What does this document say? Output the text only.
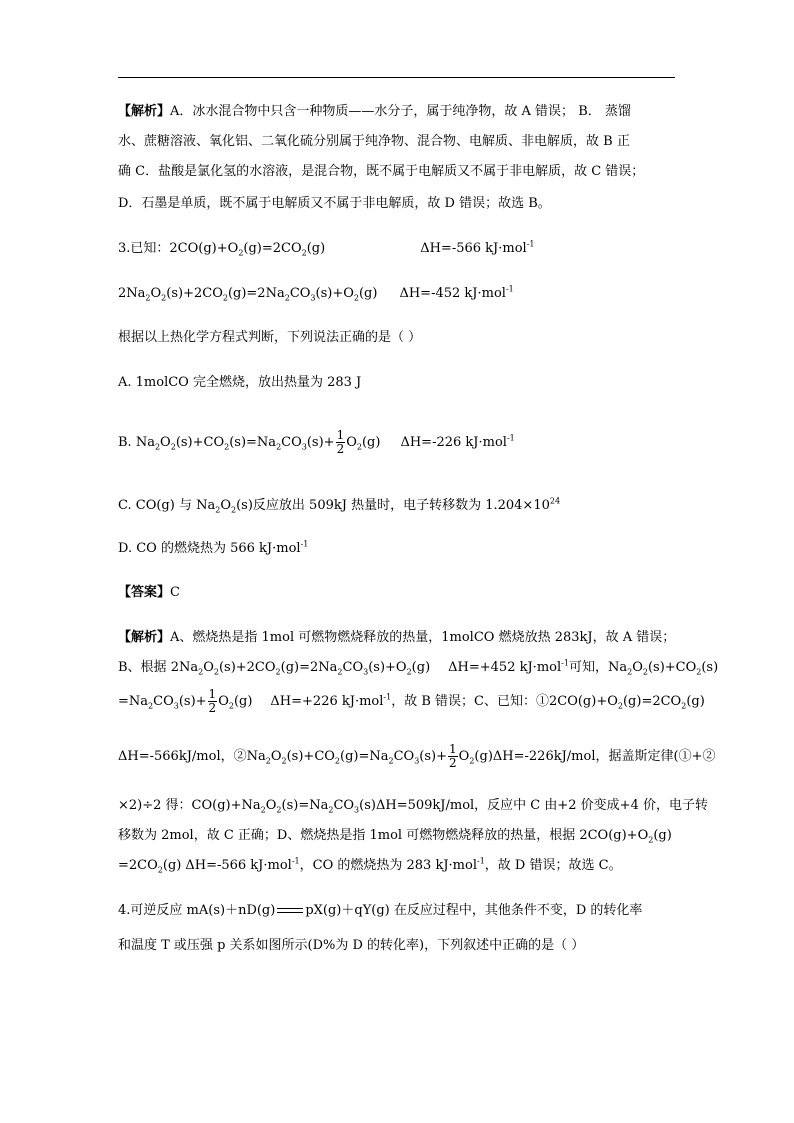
【解析】A．冰水混合物中只含一种物质——水分子，属于纯净物，故 A 错误； B． 蒸馏
水、蔗糖溶液、氧化铝、二氧化硫分别属于纯净物、混合物、电解质、非电解质，故 B 正
确 C．盐酸是氯化氢的水溶液，是混合物，既不属于电解质又不属于非电解质，故 C 错误；
D．石墨是单质，既不属于电解质又不属于非电解质，故 D 错误；故选 B。
3.已知：$2CO(g)+O_2(g)=2CO_2(g)$	ΔH=-566 kJ·mol$^{-1}$
$2Na_2O_2(s)+2CO_2(g)=2Na_2CO_3(s)+O_2(g)$ ΔH=-452 kJ·mol$^{-1}$
根据以上热化学方程式判断，下列说法正确的是（ ）
A. 1molCO 完全燃烧，放出热量为 283 J
B. $Na_2O_2(s)+CO_2(s)=Na_2CO_3(s)+ \frac{1}{2} O_2(g)$ ΔH=-226 kJ·mol$^{-1}$
C. CO(g) 与 $Na_2O_2(s)$反应放出 509kJ 热量时，电子转移数为 $1.204\times 10^{24}$
D. CO 的燃烧热为 566 kJ·mol$^{-1}$
【答案】C
【解析】A、燃烧热是指 1mol 可燃物燃烧释放的热量，1molCO 燃烧放热 283kJ，故 A 错误；
B、根据 $2Na_2O_2(s)+2CO_2(g)=2Na_2CO_3(s)+O_2(g)$ ΔH=+452 kJ·mol$^{-1}$可知，$Na_2O_2(s)+CO_2(s)$
$=Na_2CO_3(s)+ \frac{1}{2} O_2(g)$ ΔH=+226 kJ·mol$^{-1}$，故 B 错误；C、已知：$①2CO(g)+O_2(g)=2CO_2(g)$
ΔH=-566kJ/mol，$②Na_2O_2(s)+CO_2(g)=Na_2CO_3(s)+ \frac{1}{2} O_2(g)\Delta H=-226kJ/mol$，据盖斯定律(①+②
×2)÷2 得：$CO(g)+Na_2O_2(s)=Na_2CO_3(s)\Delta H=509kJ$/mol，反应中 C 由+2 价变成+4 价，电子转
移数为 2mol，故 C 正确；D、燃烧热是指 1mol 可燃物燃烧释放的热量，根据 $2CO(g)+O_2(g)$
$=2CO_2(g)$ ΔH=-566 kJ·mol$^{-1}$，CO 的燃烧热为 283 kJ·mol$^{-1}$，故 D 错误；故选 C。
4.可逆反应 mA(s)＋nD(g) pX(g)＋qY(g) 在反应过程中，其他条件不变，D 的转化率
和温度 T 或压强 p 关系如图所示(D%为 D 的转化率)，下列叙述中正确的是（ ）
